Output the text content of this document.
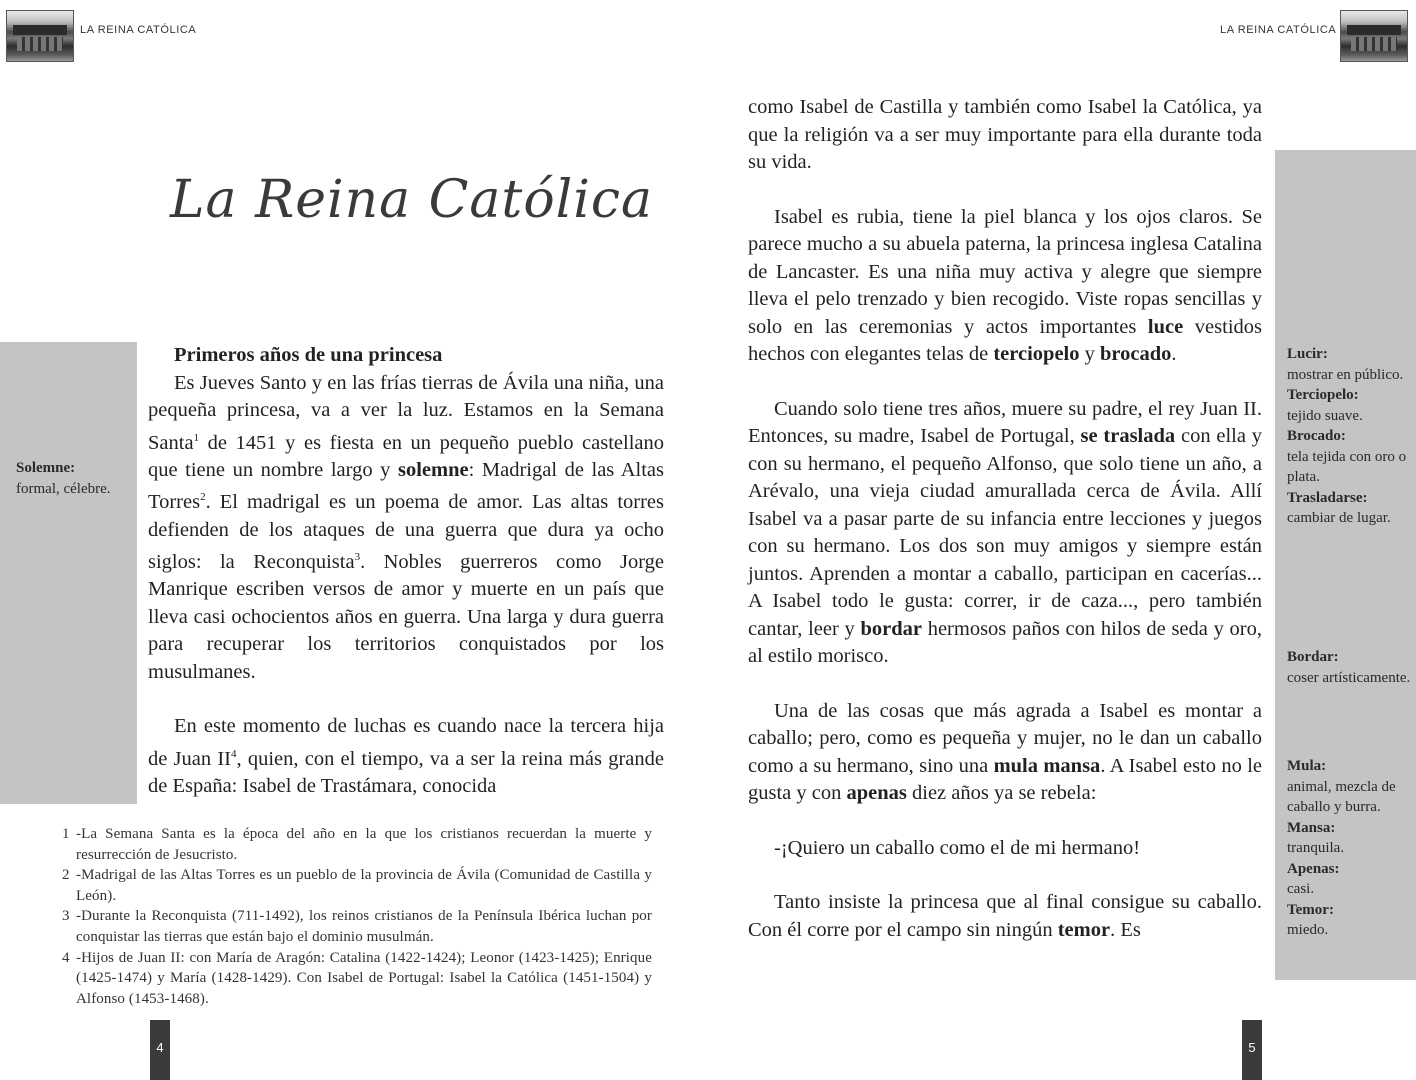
LA REINA CATÓLICA
La Reina Católica
Solemne:
formal, célebre.
Primeros años de una princesa

Es Jueves Santo y en las frías tierras de Ávila una niña, una pequeña princesa, va a ver la luz. Estamos en la Semana Santa$^1$ de 1451 y es fiesta en un pequeño pueblo castellano que tiene un nombre largo y solemne: Madrigal de las Altas Torres$^2$. El madrigal es un poema de amor. Las altas torres defienden de los ataques de una guerra que dura ya ocho siglos: la Reconquista$^3$. Nobles guerreros como Jorge Manrique escriben versos de amor y muerte en un país que lleva casi ochocientos años en guerra. Una larga y dura guerra para recuperar los territorios conquistados por los musulmanes.

En este momento de luchas es cuando nace la tercera hija de Juan $II^4$, quien, con el tiempo, va a ser la reina más grande de España: Isabel de Trastámara, conocida

1 -La Semana Santa es la época del año en la que los cristianos recuerdan la muerte y resurrección de Jesucristo.
2 -Madrigal de las Altas Torres es un pueblo de la provincia de Ávila (Comunidad de Castilla y León).
3 -Durante la Reconquista (711-1492), los reinos cristianos de la Península Ibérica luchan por conquistar las tierras que están bajo el dominio musulmán.
4 -Hijos de Juan II: con María de Aragón: Catalina (1422-1424); Leonor (1423-1425); Enrique (1425-1474) y María (1428-1429). Con Isabel de Portugal: Isabel la Católica (1451-1504) y Alfonso (1453-1468).
4
LA REINA CATÓLICA
Lucir:
mostrar en público.
Terciopelo:
tejido suave.
Brocado:
tela tejida con oro o plata.
Trasladarse:
cambiar de lugar.
Bordar:
coser artísticamente.
Mula:
animal, mezcla de caballo y burra.
Mansa:
tranquila.
Apenas:
casi.
Temor:
miedo.

como Isabel de Castilla y también como Isabel la Católica, ya que la religión va a ser muy importante para ella durante toda su vida.

Isabel es rubia, tiene la piel blanca y los ojos claros. Se parece mucho a su abuela paterna, la princesa inglesa Catalina de Lancaster. Es una niña muy activa y alegre que siempre lleva el pelo trenzado y bien recogido. Viste ropas sencillas y solo en las ceremonias y actos importantes luce vestidos hechos con elegantes telas de terciopelo y brocado.

Cuando solo tiene tres años, muere su padre, el rey Juan II. Entonces, su madre, Isabel de Portugal, se traslada con ella y con su hermano, el pequeño Alfonso, que solo tiene un año, a Arévalo, una vieja ciudad amurallada cerca de Ávila. Allí Isabel va a pasar parte de su infancia entre lecciones y juegos con su hermano. Los dos son muy amigos y siempre están juntos. Aprenden a montar a caballo, participan en cacerías... A Isabel todo le gusta: correr, ir de caza..., pero también cantar, leer y bordar hermosos paños con hilos de seda y oro, al estilo morisco.

Una de las cosas que más agrada a Isabel es montar a caballo; pero, como es pequeña y mujer, no le dan un caballo como a su hermano, sino una mula mansa. A Isabel esto no le gusta y con apenas diez años ya se rebela:

-¡Quiero un caballo como el de mi hermano!

Tanto insiste la princesa que al final consigue su caballo. Con él corre por el campo sin ningún temor. Es

5
